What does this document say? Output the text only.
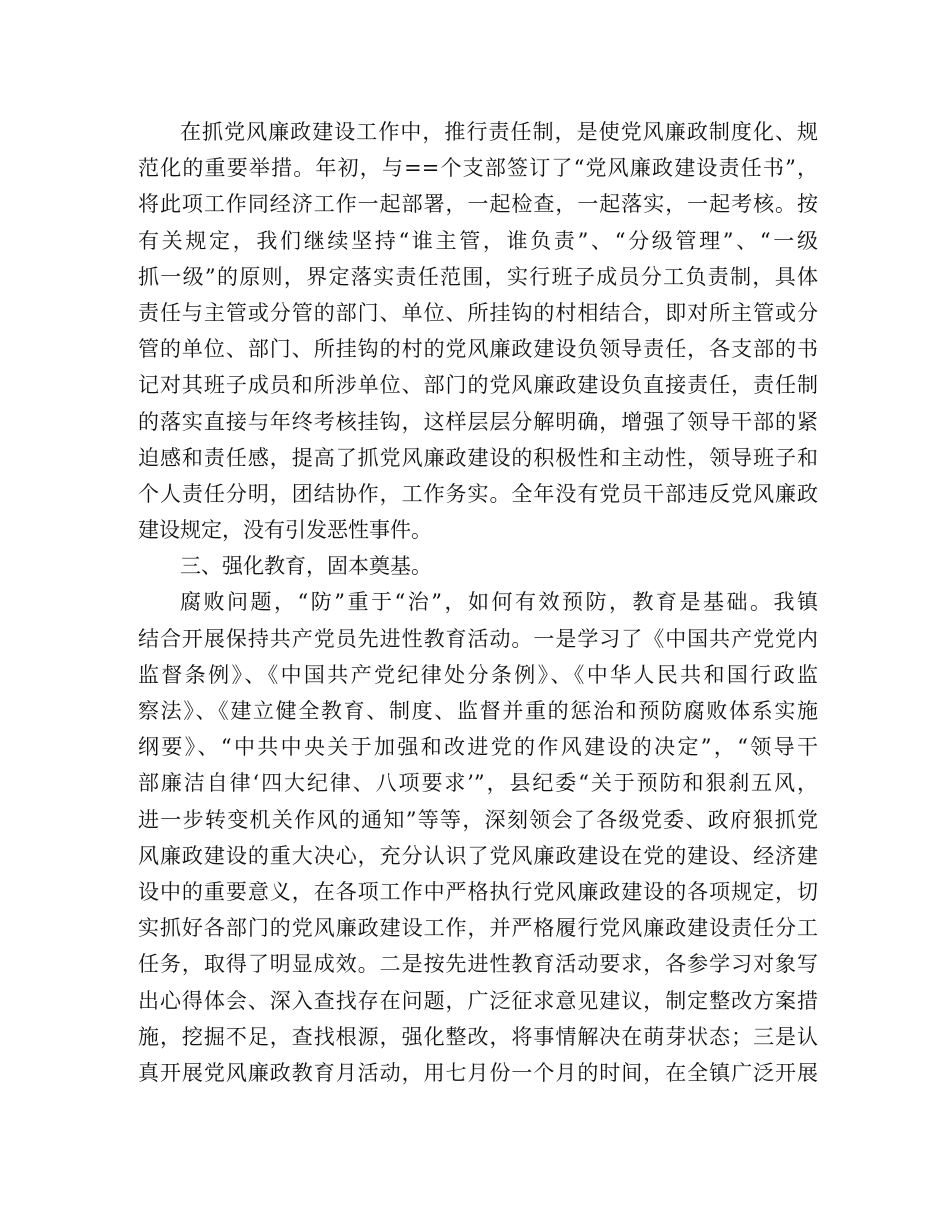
在抓党风廉政建设工作中，推行责任制，是使党风廉政制度化、规
范化的重要举措。年初，与==个支部签订了“党风廉政建设责任书”，
将此项工作同经济工作一起部署，一起检查，一起落实，一起考核。按
有关规定，我们继续坚持“谁主管，谁负责”、“分级管理”、“一级
抓一级”的原则，界定落实责任范围，实行班子成员分工负责制，具体
责任与主管或分管的部门、单位、所挂钩的村相结合，即对所主管或分
管的单位、部门、所挂钩的村的党风廉政建设负领导责任，各支部的书
记对其班子成员和所涉单位、部门的党风廉政建设负直接责任，责任制
的落实直接与年终考核挂钩，这样层层分解明确，增强了领导干部的紧
迫感和责任感，提高了抓党风廉政建设的积极性和主动性，领导班子和
个人责任分明，团结协作，工作务实。全年没有党员干部违反党风廉政
建设规定，没有引发恶性事件。
三、强化教育，固本奠基。
腐败问题，“防”重于“治”，如何有效预防，教育是基础。我镇
结合开展保持共产党员先进性教育活动。一是学习了《中国共产党党内
监督条例》、《中国共产党纪律处分条例》、《中华人民共和国行政监
察法》、《建立健全教育、制度、监督并重的惩治和预防腐败体系实施
纲要》、“中共中央关于加强和改进党的作风建设的决定”，“领导干
部廉洁自律‘四大纪律、八项要求’”，县纪委“关于预防和狠刹五风，
进一步转变机关作风的通知”等等，深刻领会了各级党委、政府狠抓党
风廉政建设的重大决心，充分认识了党风廉政建设在党的建设、经济建
设中的重要意义，在各项工作中严格执行党风廉政建设的各项规定，切
实抓好各部门的党风廉政建设工作，并严格履行党风廉政建设责任分工
任务，取得了明显成效。二是按先进性教育活动要求，各参学习对象写
出心得体会、深入查找存在问题，广泛征求意见建议，制定整改方案措
施，挖掘不足，查找根源，强化整改，将事情解决在萌芽状态；三是认
真开展党风廉政教育月活动，用七月份一个月的时间，在全镇广泛开展
